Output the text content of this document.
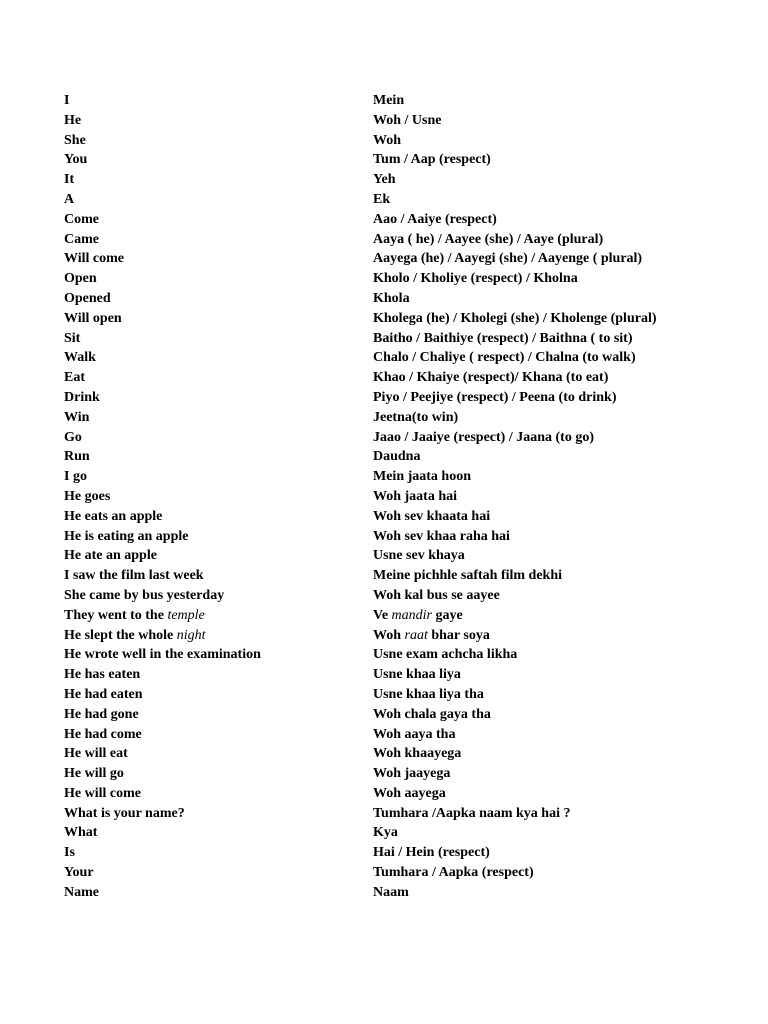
I	Mein
He	Woh / Usne
She	Woh
You	Tum / Aap (respect)
It	Yeh
A	Ek
Come	Aao / Aaiye (respect)
Came	Aaya ( he) / Aayee (she) / Aaye (plural)
Will come	Aayega (he) / Aayegi (she) / Aayenge ( plural)
Open	Kholo / Kholiye (respect) / Kholna
Opened	Khola
Will open	Kholega (he) / Kholegi (she) / Kholenge (plural)
Sit	Baitho / Baithiye (respect) / Baithna ( to sit)
Walk	Chalo / Chaliye ( respect) / Chalna (to walk)
Eat	Khao / Khaiye (respect)/ Khana (to eat)
Drink	Piyo / Peejiye (respect) / Peena (to drink)
Win	Jeetna(to win)
Go	Jaao / Jaaiye (respect) / Jaana (to go)
Run	Daudna
I go	Mein jaata hoon
He goes	Woh jaata hai
He eats an apple	Woh sev khaata hai
He is eating an apple	Woh sev khaa raha hai
He ate an apple	Usne sev khaya
I saw the film last week	Meine pichhle saftah film dekhi
She came by bus yesterday	Woh kal bus se aayee
They went to the temple	Ve mandir gaye
He slept the whole night	Woh raat bhar soya
He wrote well in the examination	Usne exam achcha likha
He has eaten	Usne khaa liya
He had eaten	Usne khaa liya tha
He had gone	Woh chala gaya tha
He had come	Woh aaya tha
He will eat	Woh khaayega
He will go	Woh jaayega
He will come	Woh aayega
What is your name?	Tumhara /Aapka naam kya hai ?
What	Kya
Is	Hai / Hein (respect)
Your	Tumhara / Aapka (respect)
Name	Naam
